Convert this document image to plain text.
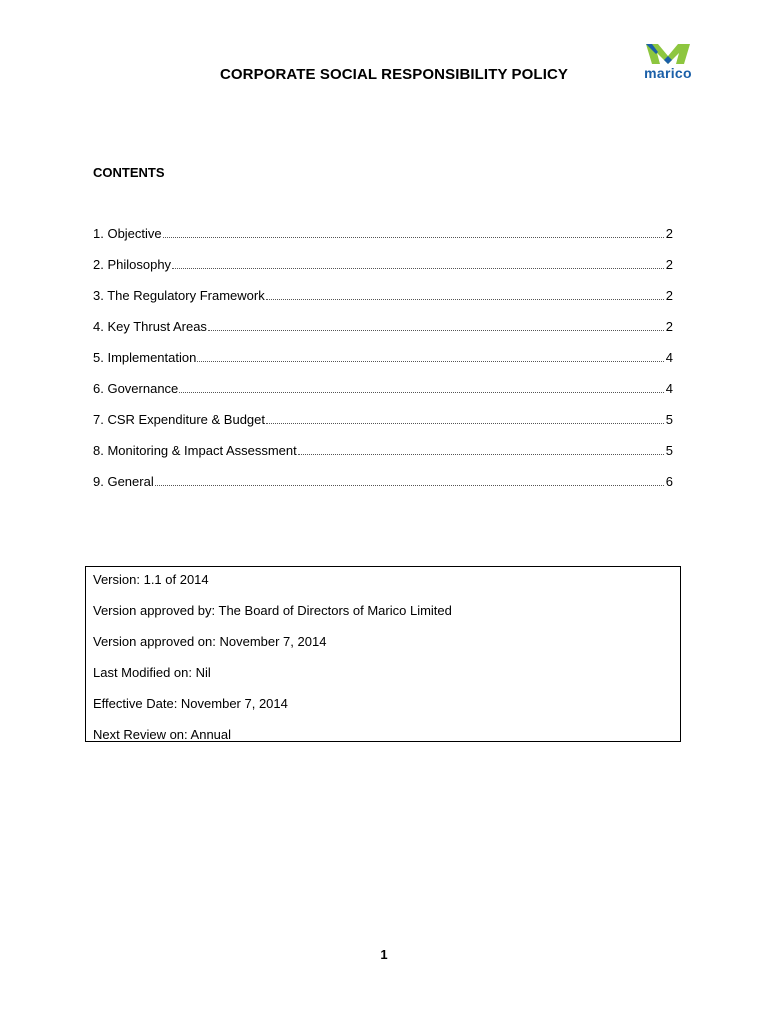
CORPORATE SOCIAL RESPONSIBILITY POLICY	marico
CONTENTS
1. Objective	2
2. Philosophy	2
3. The Regulatory Framework	2
4. Key Thrust Areas	2
5. Implementation	4
6. Governance	4
7. CSR Expenditure & Budget	5
8. Monitoring & Impact Assessment	5
9. General	6
Version: 1.1 of 2014
Version approved by: The Board of Directors of Marico Limited
Version approved on: November 7, 2014
Last Modified on: Nil
Effective Date: November 7, 2014
Next Review on: Annual
1
